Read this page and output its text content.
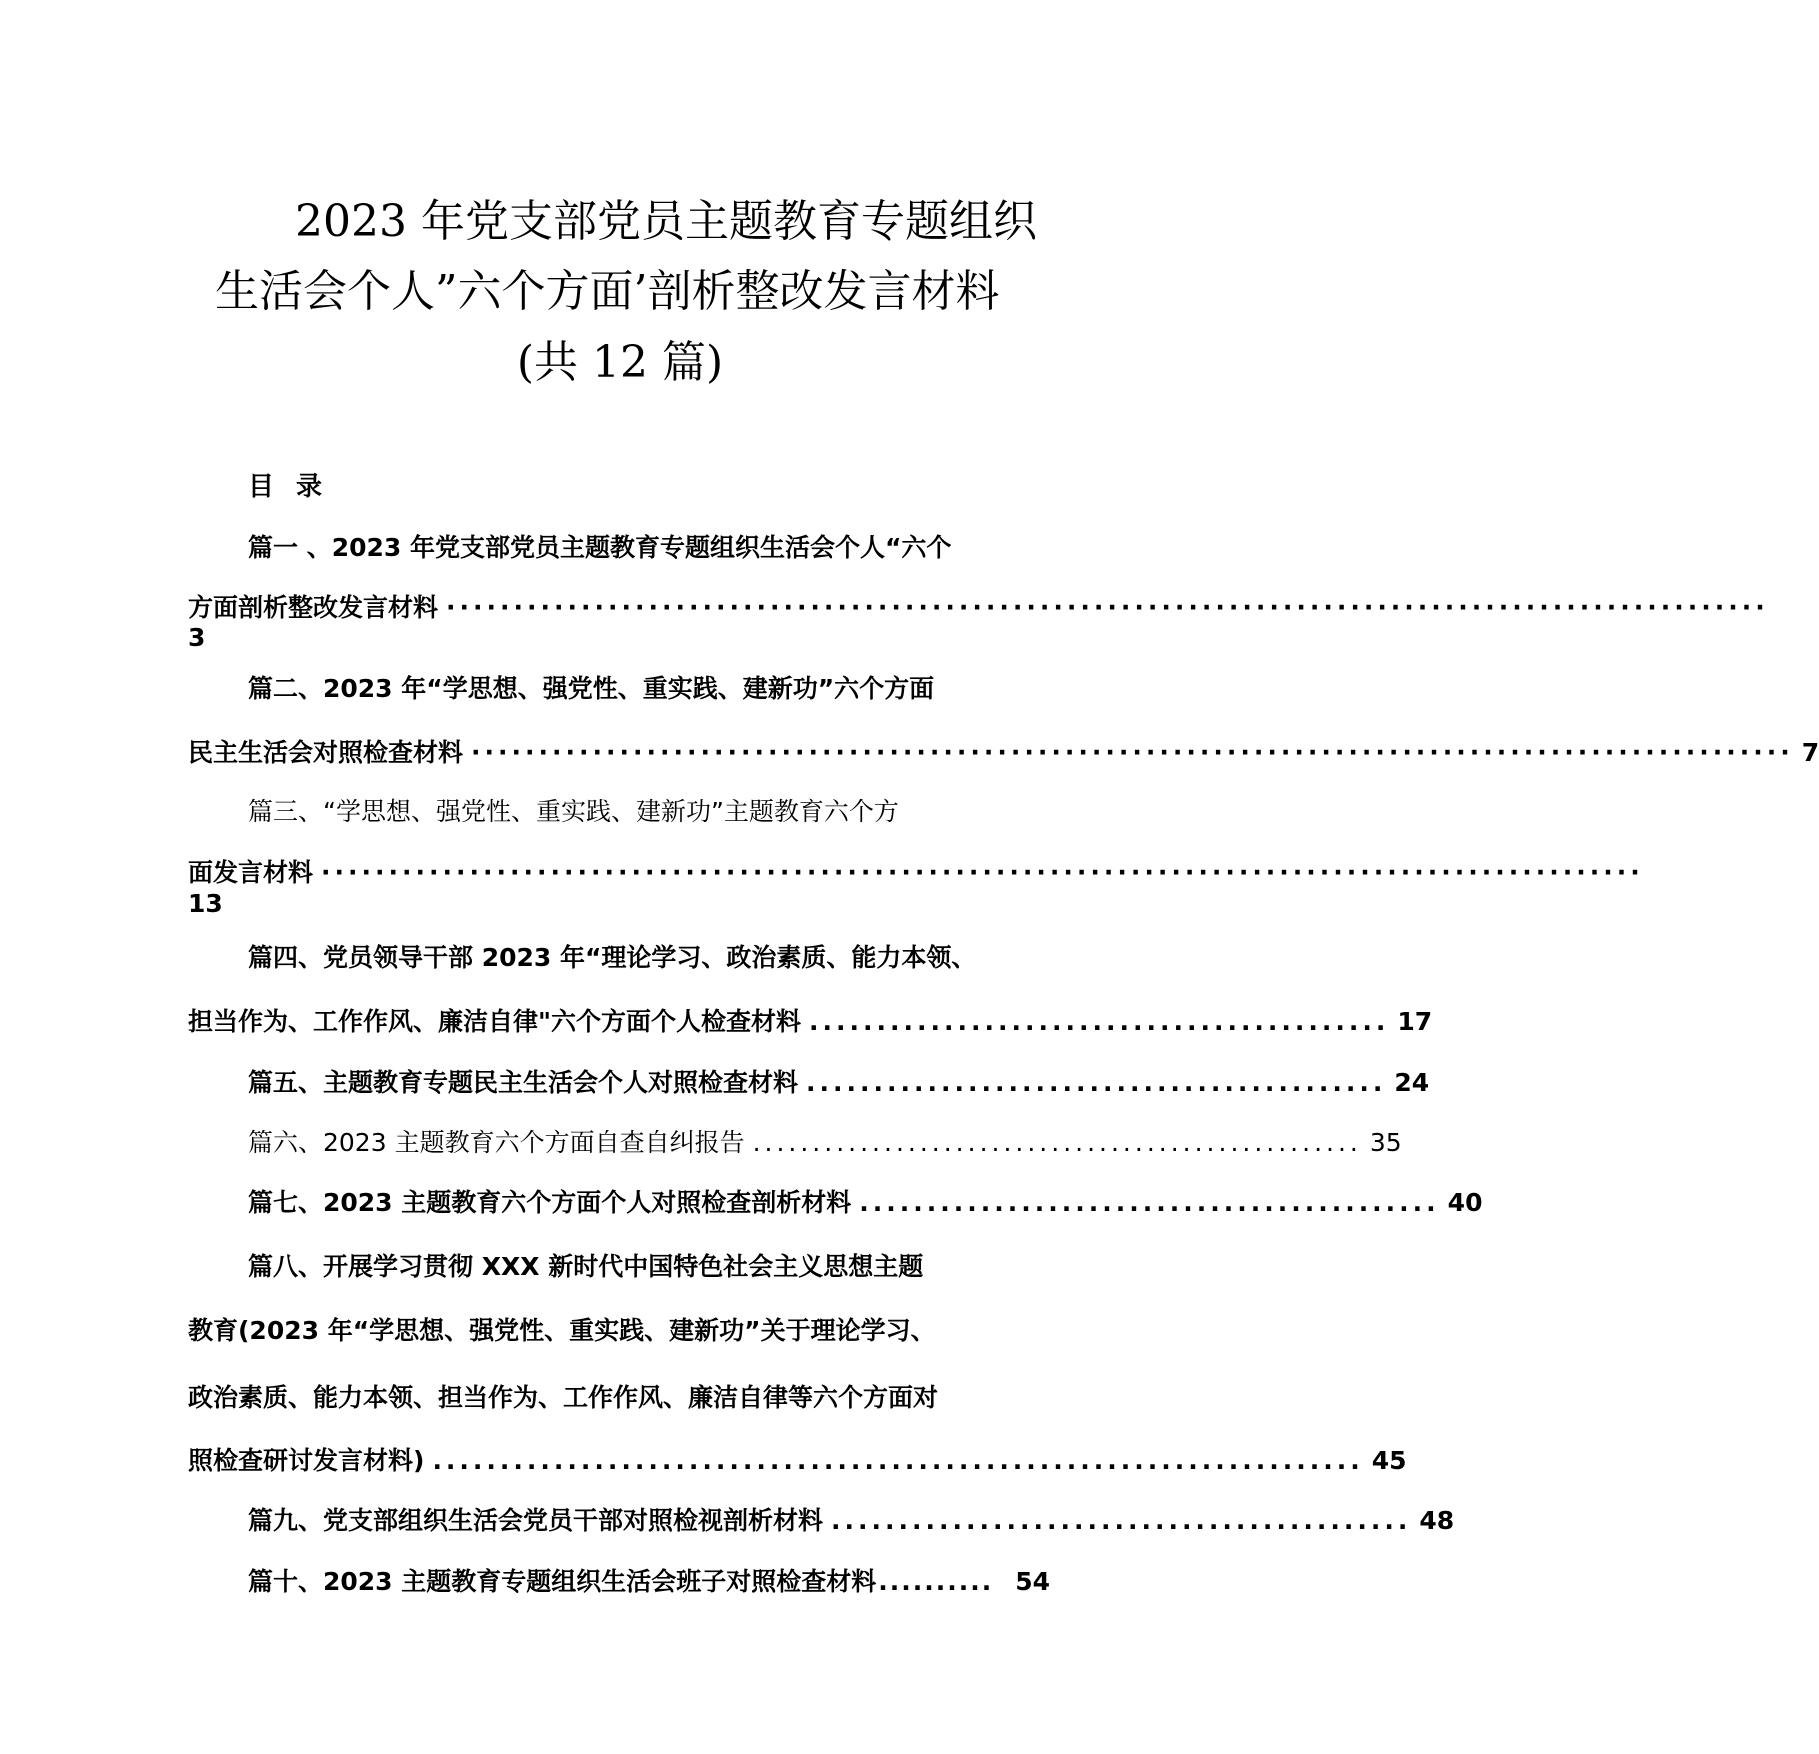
2023 年党支部党员主题教育专题组织
生活会个人”六个方面’剖析整改发言材料
(共 12 篇)
目录
篇一 、2023 年党支部党员主题教育专题组织生活会个人“六个
方面剖析整改发言材料 ··································································································
3
篇二、2023 年“学思想、强党性、重实践、建新功”六个方面
民主生活会对照检查材料 ·································································································· 7
篇三、“学思想、强党性、重实践、建新功”主题教育六个方
面发言材料 ··································································································
13
篇四、党员领导干部 2023 年“理论学习、政治素质、能力本领、
担当作为、工作作风、廉洁自律"六个方面个人检查材料 ........................................... 17
篇五、主题教育专题民主生活会个人对照检查材料 ........................................... 24
篇六、2023 主题教育六个方面自查自纠报告 ................................................... 35
篇七、2023 主题教育六个方面个人对照检查剖析材料 ........................................... 40
篇八、开展学习贯彻 XXX 新时代中国特色社会主义思想主题
教育(2023 年“学思想、强党性、重实践、建新功”关于理论学习、
政治素质、能力本领、担当作为、工作作风、廉洁自律等六个方面对
照检查研讨发言材料) ..................................................................... 45
篇九、党支部组织生活会党员干部对照检视剖析材料 ........................................... 48
篇十、2023 主题教育专题组织生活会班子对照检查材料 .......... 54
